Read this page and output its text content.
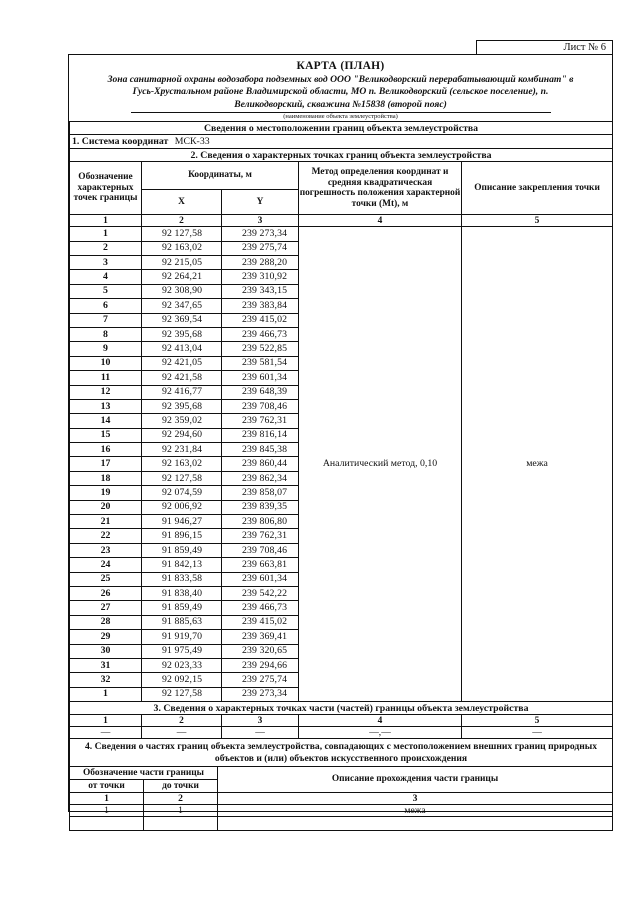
Лист № 6
КАРТА (ПЛАН)
Зона санитарной охраны водозабора подземных вод ООО "Великодворский перерабатывающий комбинат" в
Гусь-Хрустальном районе Владимирской области, МО п. Великодворский (сельское поселение), п.
Великодворский, скважина №15838 (второй пояс)
(наименование объекта землеустройства)
Сведения о местоположении границ объекта землеустройства				
1. Система координат МСК-33				
2. Сведения о характерных точках границ объекта землеустройства				
Обозначение характерных точек границы	Координаты, м		Метод определения координат и средняя квадратическая погрешность положения характерной точки (Mt), м	Описание закрепления точки
	X	Y		
1	2	3	4	5
1	92 127,58	239 273,34	Аналитический метод, 0,10	межа
2	92 163,02	239 275,74		
3	92 215,05	239 288,20		
4	92 264,21	239 310,92		
5	92 308,90	239 343,15		
6	92 347,65	239 383,84		
7	92 369,54	239 415,02		
8	92 395,68	239 466,73		
9	92 413,04	239 522,85		
10	92 421,05	239 581,54		
11	92 421,58	239 601,34		
12	92 416,77	239 648,39		
13	92 395,68	239 708,46		
14	92 359,02	239 762,31		
15	92 294,60	239 816,14		
16	92 231,84	239 845,38		
17	92 163,02	239 860,44		
18	92 127,58	239 862,34		
19	92 074,59	239 858,07		
20	92 006,92	239 839,35		
21	91 946,27	239 806,80		
22	91 896,15	239 762,31		
23	91 859,49	239 708,46		
24	91 842,13	239 663,81		
25	91 833,58	239 601,34		
26	91 838,40	239 542,22		
27	91 859,49	239 466,73		
28	91 885,63	239 415,02		
29	91 919,70	239 369,41		
30	91 975,49	239 320,65		
31	92 023,33	239 294,66		
32	92 092,15	239 275,74		
1	92 127,58	239 273,34		
3. Сведения о характерных точках части (частей) границы объекта землеустройства				
1	2	3	4	5
—	—	—	—,—	—
4. Сведения о частях границ объекта землеустройства, совпадающих с местоположением внешних границ природных объектов и (или) объектов искусственного происхождения		
Обозначение части границы		Описание прохождения части границы
от точки	до точки	
1	2	3
1	1	межа
